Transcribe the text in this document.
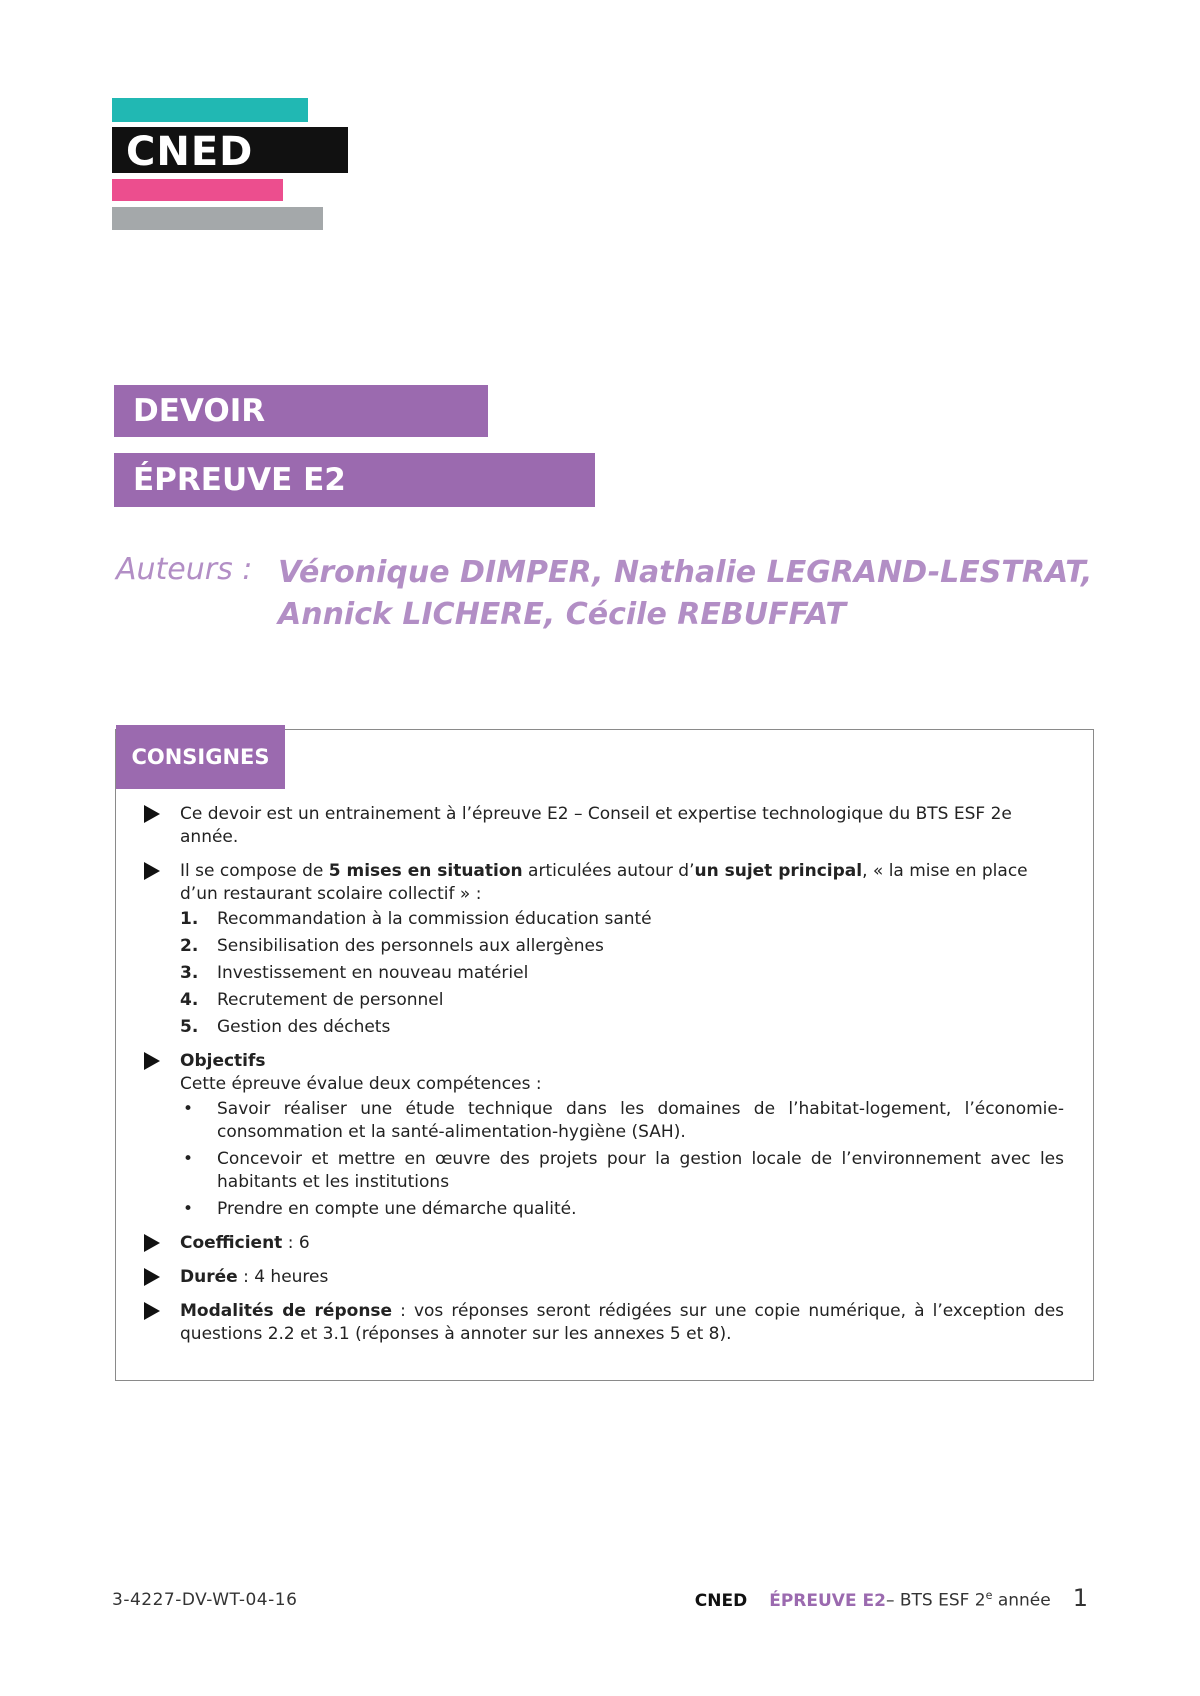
CNED
DEVOIR
ÉPREUVE E2
Auteurs : Véronique DIMPER, Nathalie LEGRAND-LESTRAT,
Annick LICHERE, Cécile REBUFFAT
CONSIGNES
Ce devoir est un entrainement à l’épreuve E2 – Conseil et expertise technologique du BTS ESF 2e année.
Il se compose de 5 mises en situation articulées autour d’un sujet principal, « la mise en place d’un restaurant scolaire collectif » :
1. Recommandation à la commission éducation santé
2. Sensibilisation des personnels aux allergènes
3. Investissement en nouveau matériel
4. Recrutement de personnel
5. Gestion des déchets
Objectifs
Cette épreuve évalue deux compétences :
• Savoir réaliser une étude technique dans les domaines de l’habitat-logement, l’économie-consommation et la santé-alimentation-hygiène (SAH).
• Concevoir et mettre en œuvre des projets pour la gestion locale de l’environnement avec les habitants et les institutions
• Prendre en compte une démarche qualité.
Coefficient : 6
Durée : 4 heures
Modalités de réponse : vos réponses seront rédigées sur une copie numérique, à l’exception des questions 2.2 et 3.1 (réponses à annoter sur les annexes 5 et 8).
3-4227-DV-WT-04-16	CNED ÉPREUVE E2 – BTS ESF 2e année 1
